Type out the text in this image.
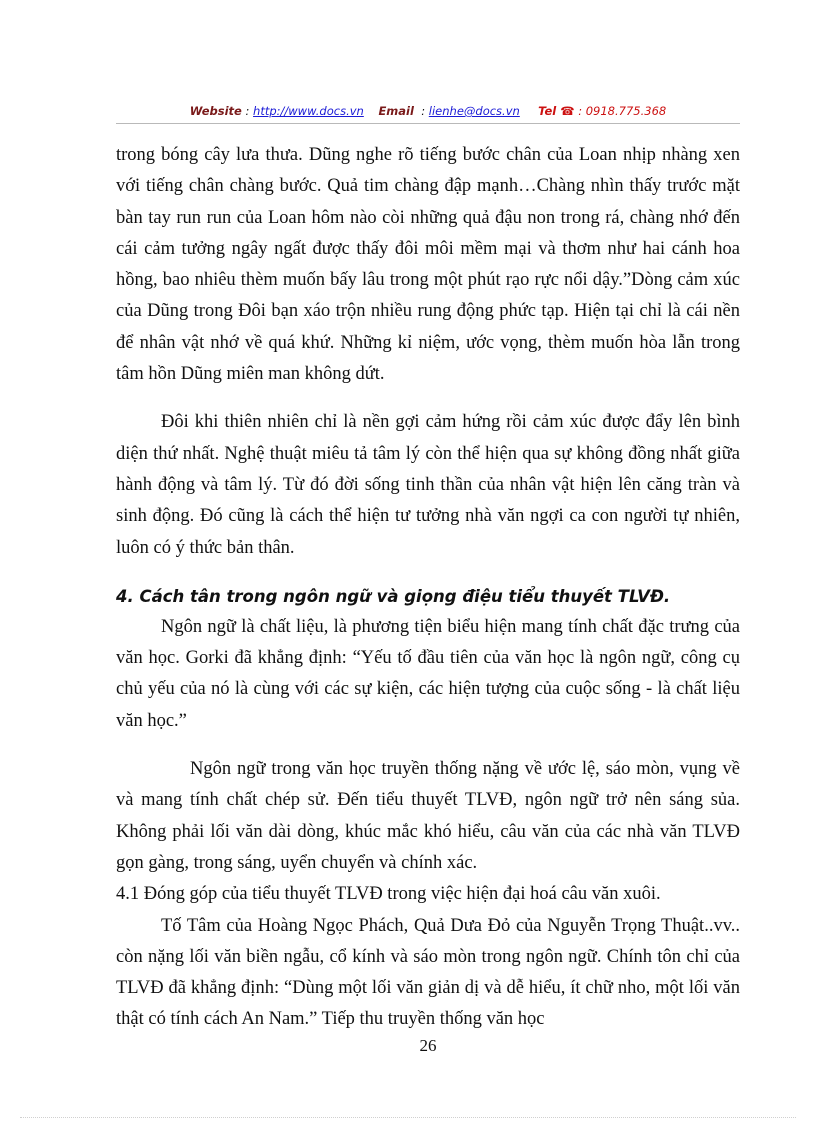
Website : http://www.docs.vn Email  : lienhe@docs.vn Tel ☎ : 0918.775.368

trong bóng cây lưa thưa. Dũng nghe rõ tiếng bước chân của Loan nhịp nhàng xen với tiếng chân chàng bước. Quả tim chàng đập mạnh…Chàng nhìn thấy trước mặt bàn tay run run của Loan hôm nào còi những quả đậu non trong rá, chàng nhớ đến cái cảm tưởng ngây ngất được thấy đôi môi mềm mại và thơm như hai cánh hoa hồng, bao nhiêu thèm muốn bấy lâu trong một phút rạo rực nổi dậy.”Dòng cảm xúc của Dũng trong Đôi bạn xáo trộn nhiều rung động phức tạp. Hiện tại chỉ là cái nền để nhân vật nhớ về quá khứ. Những kỉ niệm, ước vọng, thèm muốn hòa lẫn trong tâm hồn Dũng miên man không dứt.

Đôi khi thiên nhiên chỉ là nền gợi cảm hứng rồi cảm xúc được đẩy lên bình diện thứ nhất. Nghệ thuật miêu tả tâm lý còn thể hiện qua sự không đồng nhất giữa hành động và tâm lý. Từ đó đời sống tinh thần của nhân vật hiện lên căng tràn và sinh động. Đó cũng là cách thể hiện tư tưởng nhà văn ngợi ca con người tự nhiên, luôn có ý thức bản thân.

4. Cách tân trong ngôn ngữ và giọng điệu tiểu thuyết TLVĐ.

Ngôn ngữ là chất liệu, là phương tiện biểu hiện mang tính chất đặc trưng của văn học. Gorki đã khẳng định: “Yếu tố đầu tiên của văn học là ngôn ngữ, công cụ chủ yếu của nó là cùng với các sự kiện, các hiện tượng của cuộc sống - là chất liệu văn học.”

Ngôn ngữ trong văn học truyền thống nặng về ước lệ, sáo mòn, vụng về và mang tính chất chép sử. Đến tiểu thuyết TLVĐ, ngôn ngữ trở nên sáng sủa. Không phải lối văn dài dòng, khúc mắc khó hiểu, câu văn của các nhà văn TLVĐ gọn gàng, trong sáng, uyển chuyển và chính xác.

4.1 Đóng góp của tiểu thuyết TLVĐ trong việc hiện đại hoá câu văn xuôi.

Tố Tâm của Hoàng Ngọc Phách, Quả Dưa Đỏ của Nguyễn Trọng Thuật..vv.. còn nặng lối văn biền ngẫu, cổ kính và sáo mòn trong ngôn ngữ. Chính tôn chỉ của TLVĐ đã khẳng định: “Dùng một lối văn giản dị và dễ hiểu, ít chữ nho, một lối văn thật có tính cách An Nam.” Tiếp thu truyền thống văn học

26
